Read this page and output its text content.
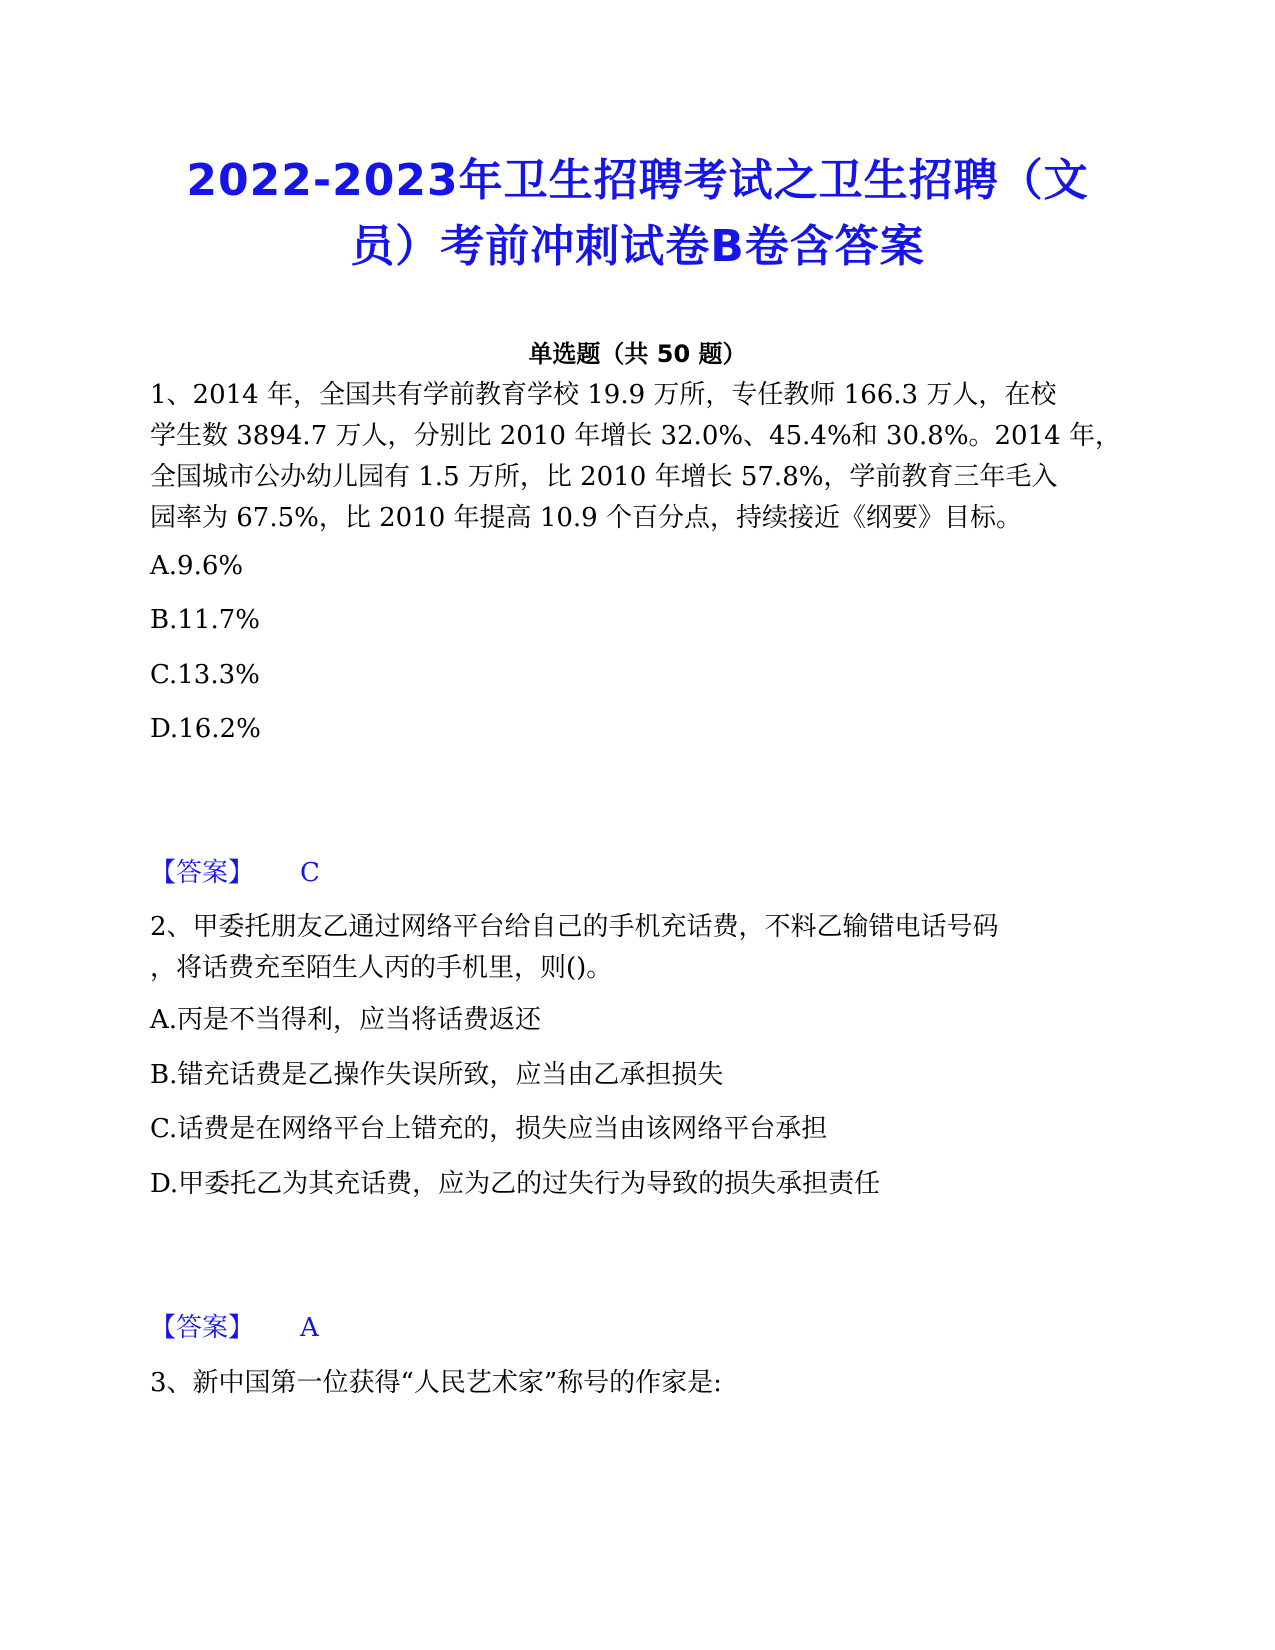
2022-2023年卫生招聘考试之卫生招聘（文
员）考前冲刺试卷B卷含答案
单选题（共 50 题）
1、2014 年，全国共有学前教育学校 19.9 万所，专任教师 166.3 万人，在校
学生数 3894.7 万人，分别比 2010 年增长 32.0%、45.4%和 30.8%。2014 年，
全国城市公办幼儿园有 1.5 万所，比 2010 年增长 57.8%，学前教育三年毛入
园率为 67.5%，比 2010 年提高 10.9 个百分点，持续接近《纲要》目标。
A.9.6%
B.11.7%
C.13.3%
D.16.2%
【答案】 C
2、甲委托朋友乙通过网络平台给自己的手机充话费，不料乙输错电话号码
，将话费充至陌生人丙的手机里，则()。
A.丙是不当得利，应当将话费返还
B.错充话费是乙操作失误所致，应当由乙承担损失
C.话费是在网络平台上错充的，损失应当由该网络平台承担
D.甲委托乙为其充话费，应为乙的过失行为导致的损失承担责任
【答案】 A
3、新中国第一位获得“人民艺术家”称号的作家是:
